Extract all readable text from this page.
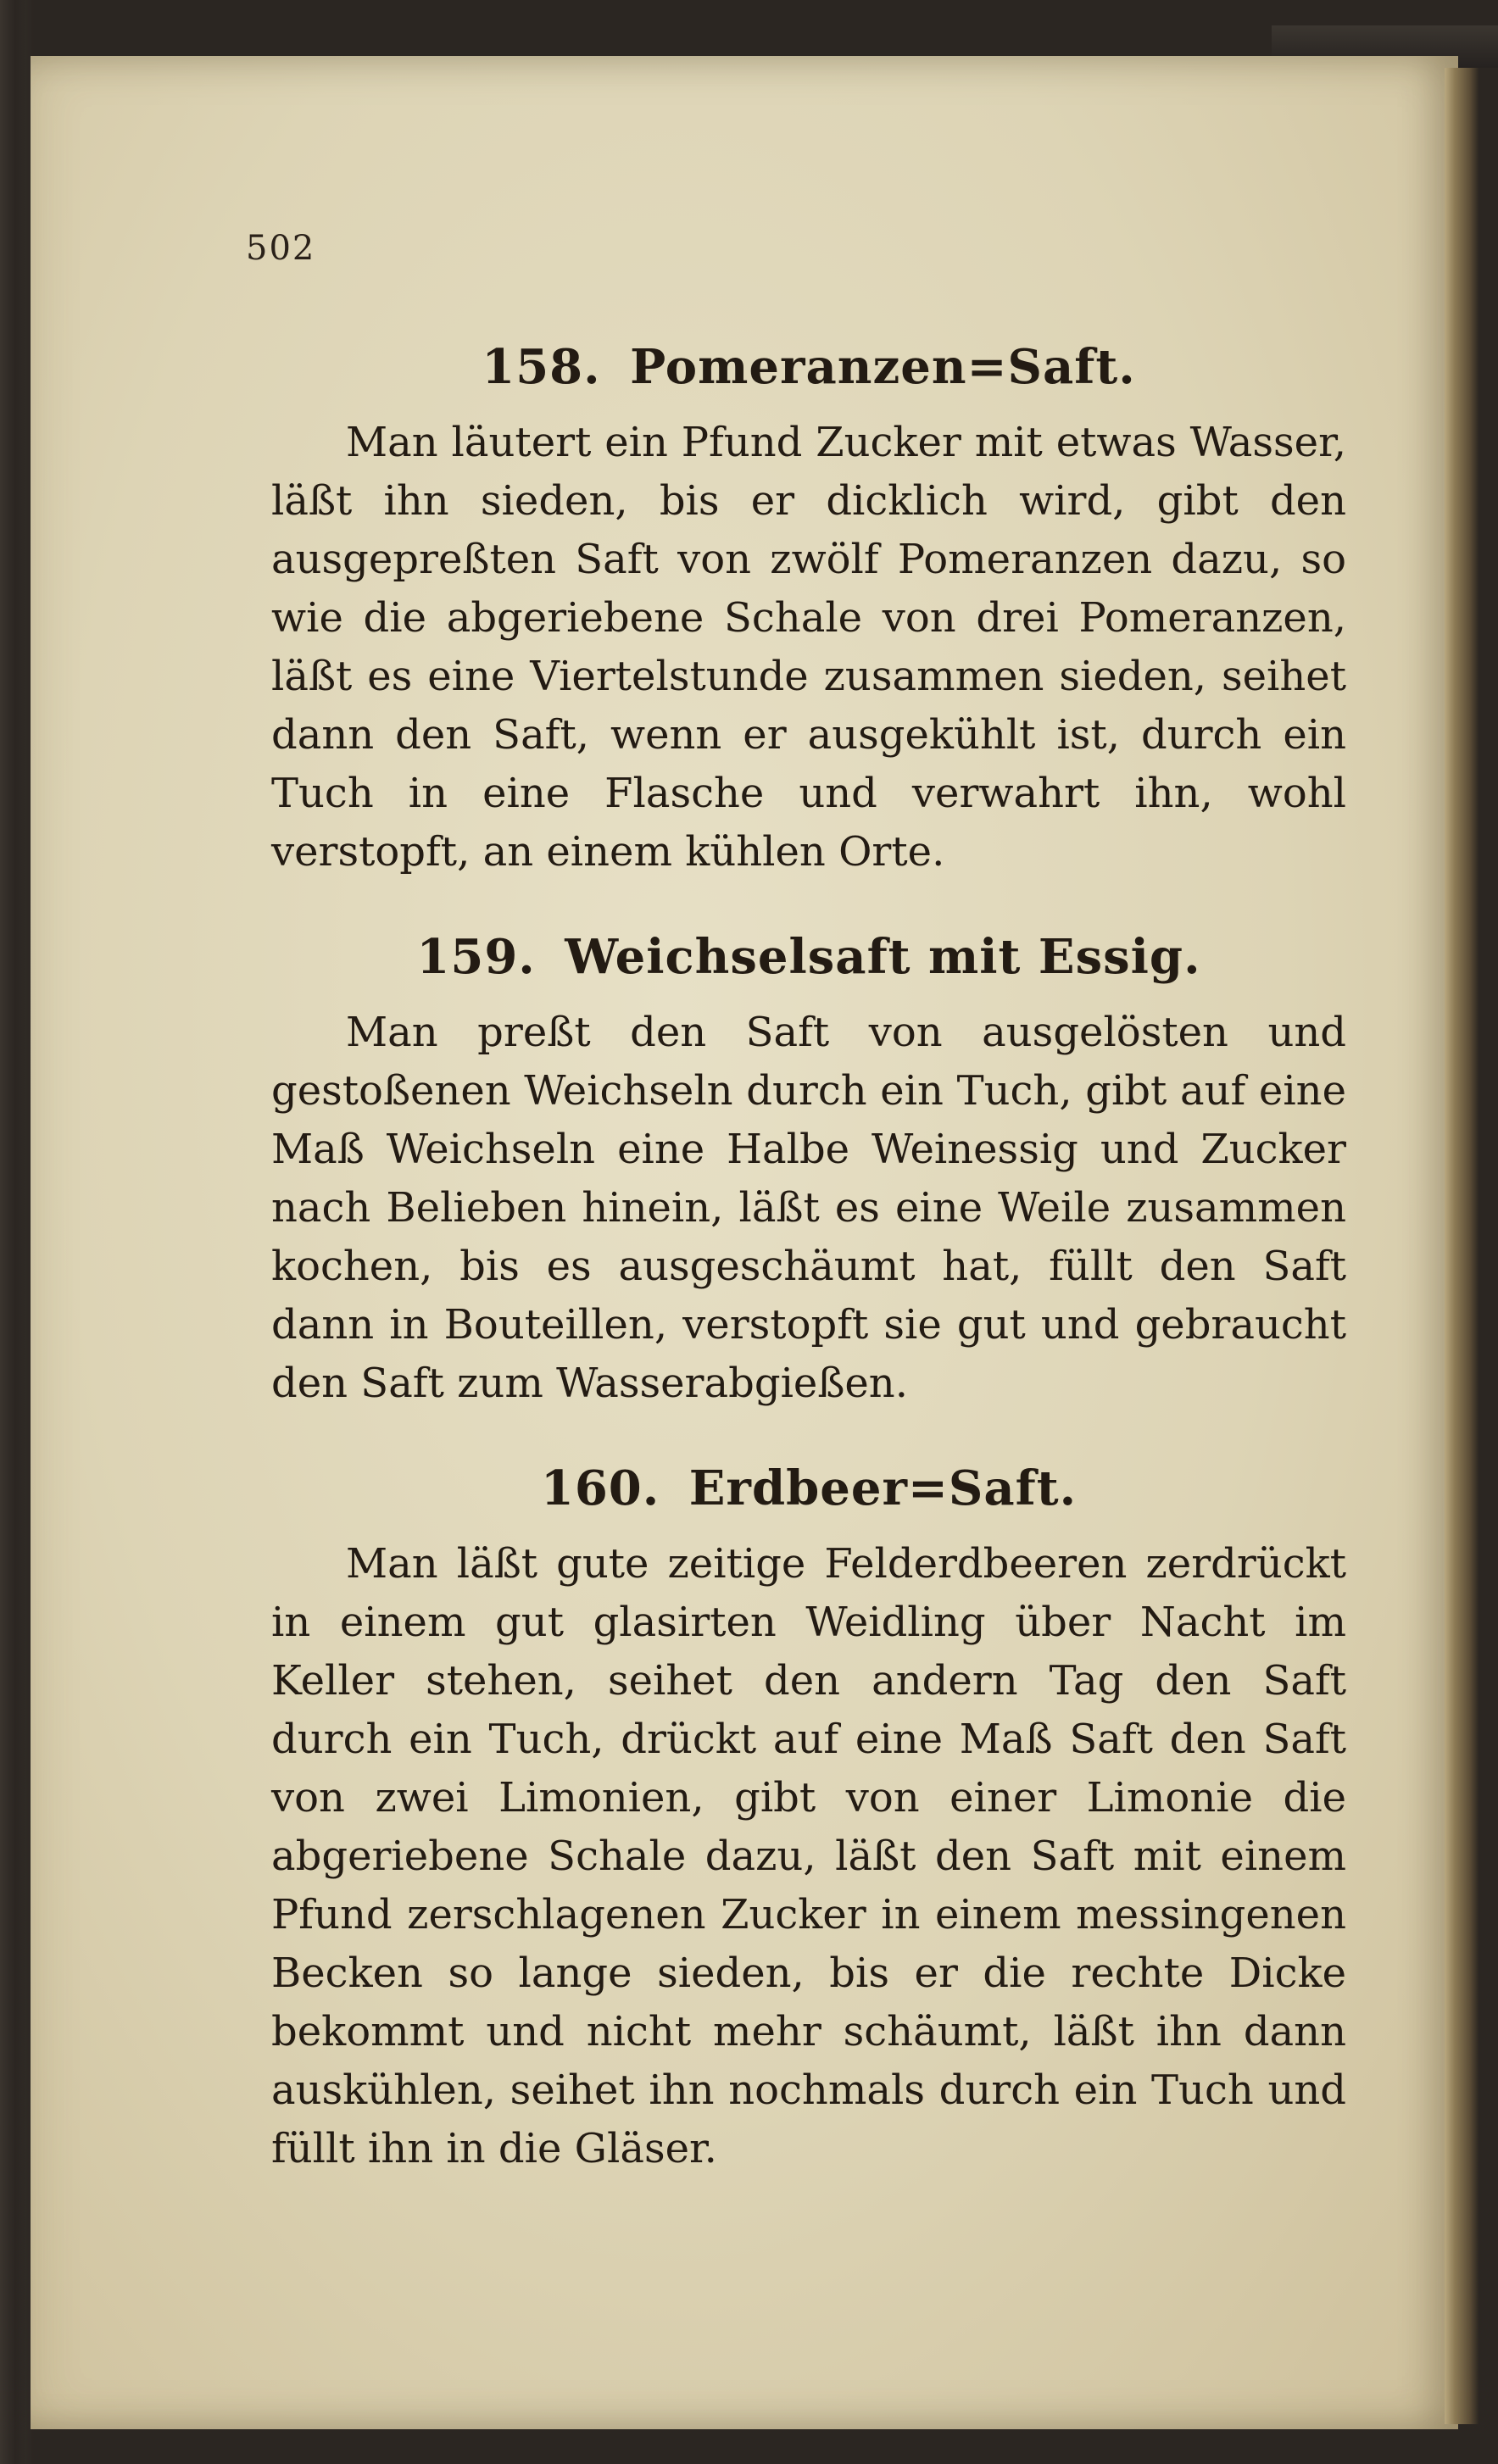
502
158. Pomeranzen=Saft.

Man läutert ein Pfund Zucker mit etwas Wasser, läßt ihn sieden, bis er dicklich wird, gibt den ausgepreßten Saft von zwölf Pomeranzen dazu, so wie die abgeriebene Schale von drei Pomeranzen, läßt es eine Viertelstunde zusammen sieden, seihet dann den Saft, wenn er ausgekühlt ist, durch ein Tuch in eine Flasche und verwahrt ihn, wohl verstopft, an einem kühlen Orte.

159. Weichselsaft mit Essig.

Man preßt den Saft von ausgelösten und gestoßenen Weichseln durch ein Tuch, gibt auf eine Maß Weichseln eine Halbe Weinessig und Zucker nach Belieben hinein, läßt es eine Weile zusammen kochen, bis es ausgeschäumt hat, füllt den Saft dann in Bouteillen, verstopft sie gut und gebraucht den Saft zum Wasserabgießen.

160. Erdbeer=Saft.

Man läßt gute zeitige Felderdbeeren zerdrückt in einem gut glasirten Weidling über Nacht im Keller stehen, seihet den andern Tag den Saft durch ein Tuch, drückt auf eine Maß Saft den Saft von zwei Limonien, gibt von einer Limonie die abgeriebene Schale dazu, läßt den Saft mit einem Pfund zerschlagenen Zucker in einem messingenen Becken so lange sieden, bis er die rechte Dicke bekommt und nicht mehr schäumt, läßt ihn dann auskühlen, seihet ihn nochmals durch ein Tuch und füllt ihn in die Gläser.
